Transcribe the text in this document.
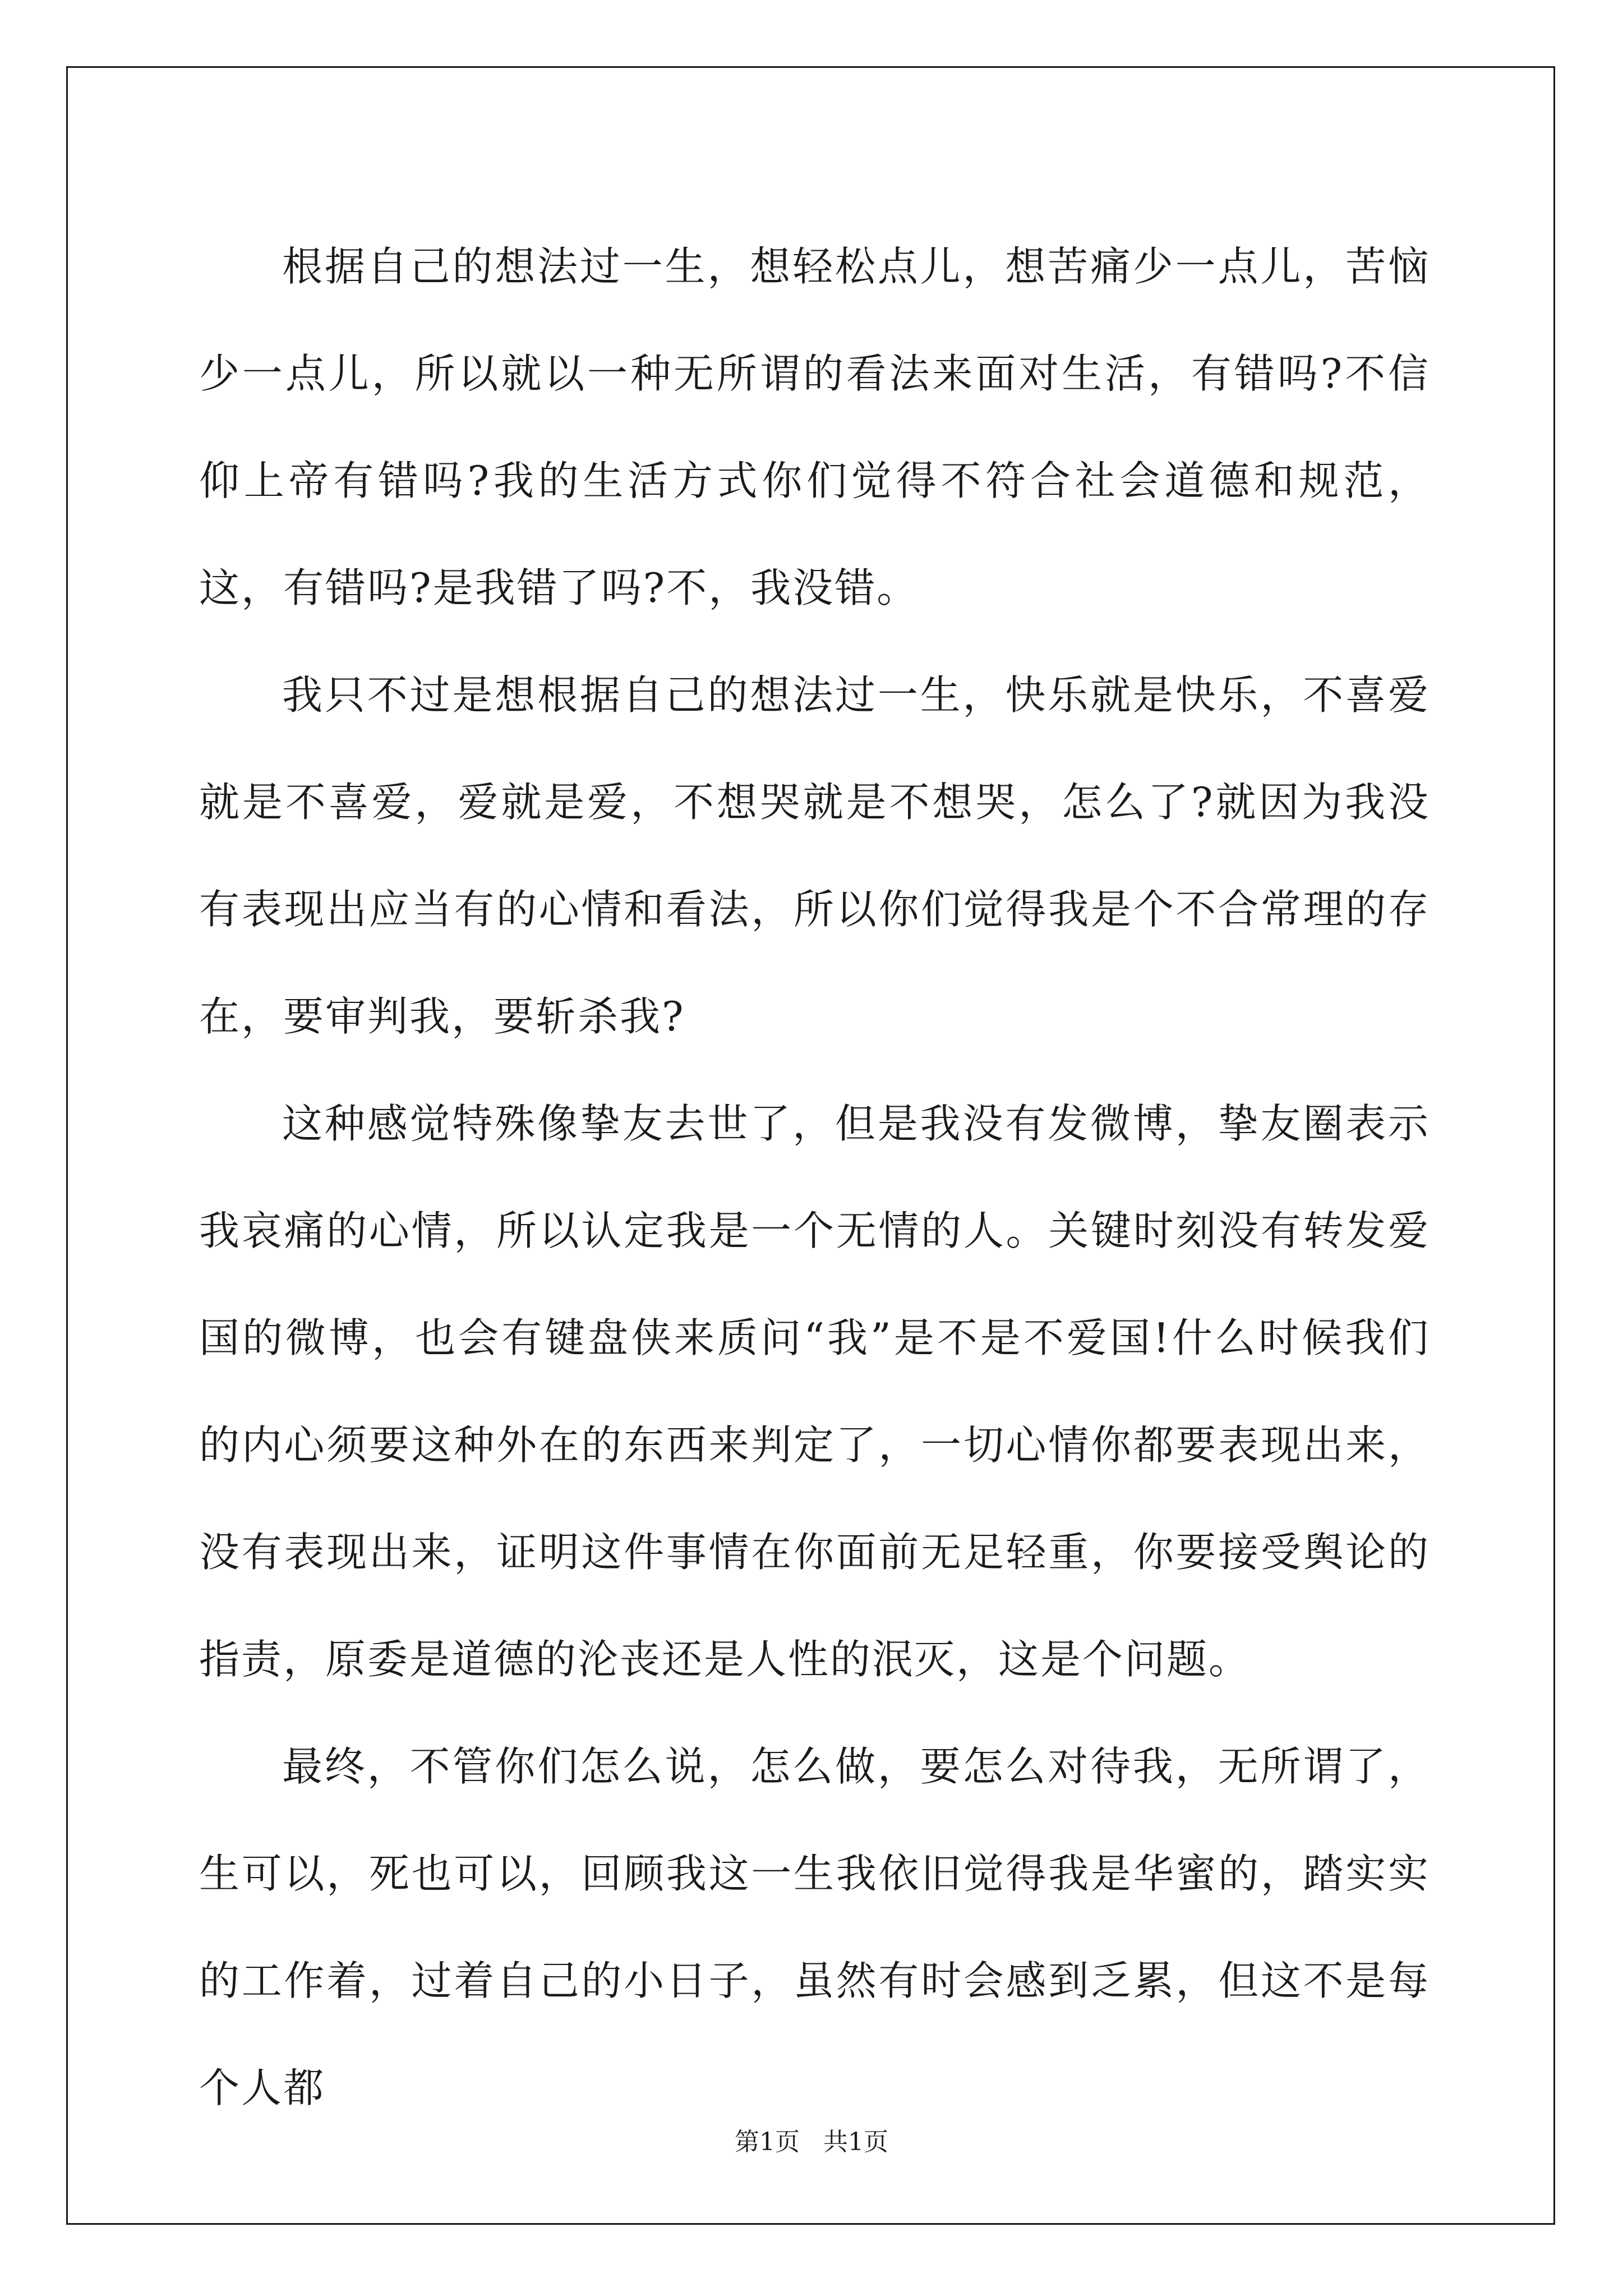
根据自己的想法过一生，想轻松点儿，想苦痛少一点儿，苦恼少一点儿，所以就以一种无所谓的看法来面对生活，有错吗?不信仰上帝有错吗?我的生活方式你们觉得不符合社会道德和规范，这，有错吗?是我错了吗?不，我没错。

我只不过是想根据自己的想法过一生，快乐就是快乐，不喜爱就是不喜爱，爱就是爱，不想哭就是不想哭，怎么了?就因为我没有表现出应当有的心情和看法，所以你们觉得我是个不合常理的存在，要审判我，要斩杀我?

这种感觉特殊像挚友去世了，但是我没有发微博，挚友圈表示我哀痛的心情，所以认定我是一个无情的人。关键时刻没有转发爱国的微博，也会有键盘侠来质问“我”是不是不爱国!什么时候我们的内心须要这种外在的东西来判定了，一切心情你都要表现出来，没有表现出来，证明这件事情在你面前无足轻重，你要接受舆论的指责，原委是道德的沦丧还是人性的泯灭，这是个问题。

最终，不管你们怎么说，怎么做，要怎么对待我，无所谓了，生可以，死也可以，回顾我这一生我依旧觉得我是华蜜的，踏实实的工作着，过着自己的小日子，虽然有时会感到乏累，但这不是每个人都

第1页   共1页
